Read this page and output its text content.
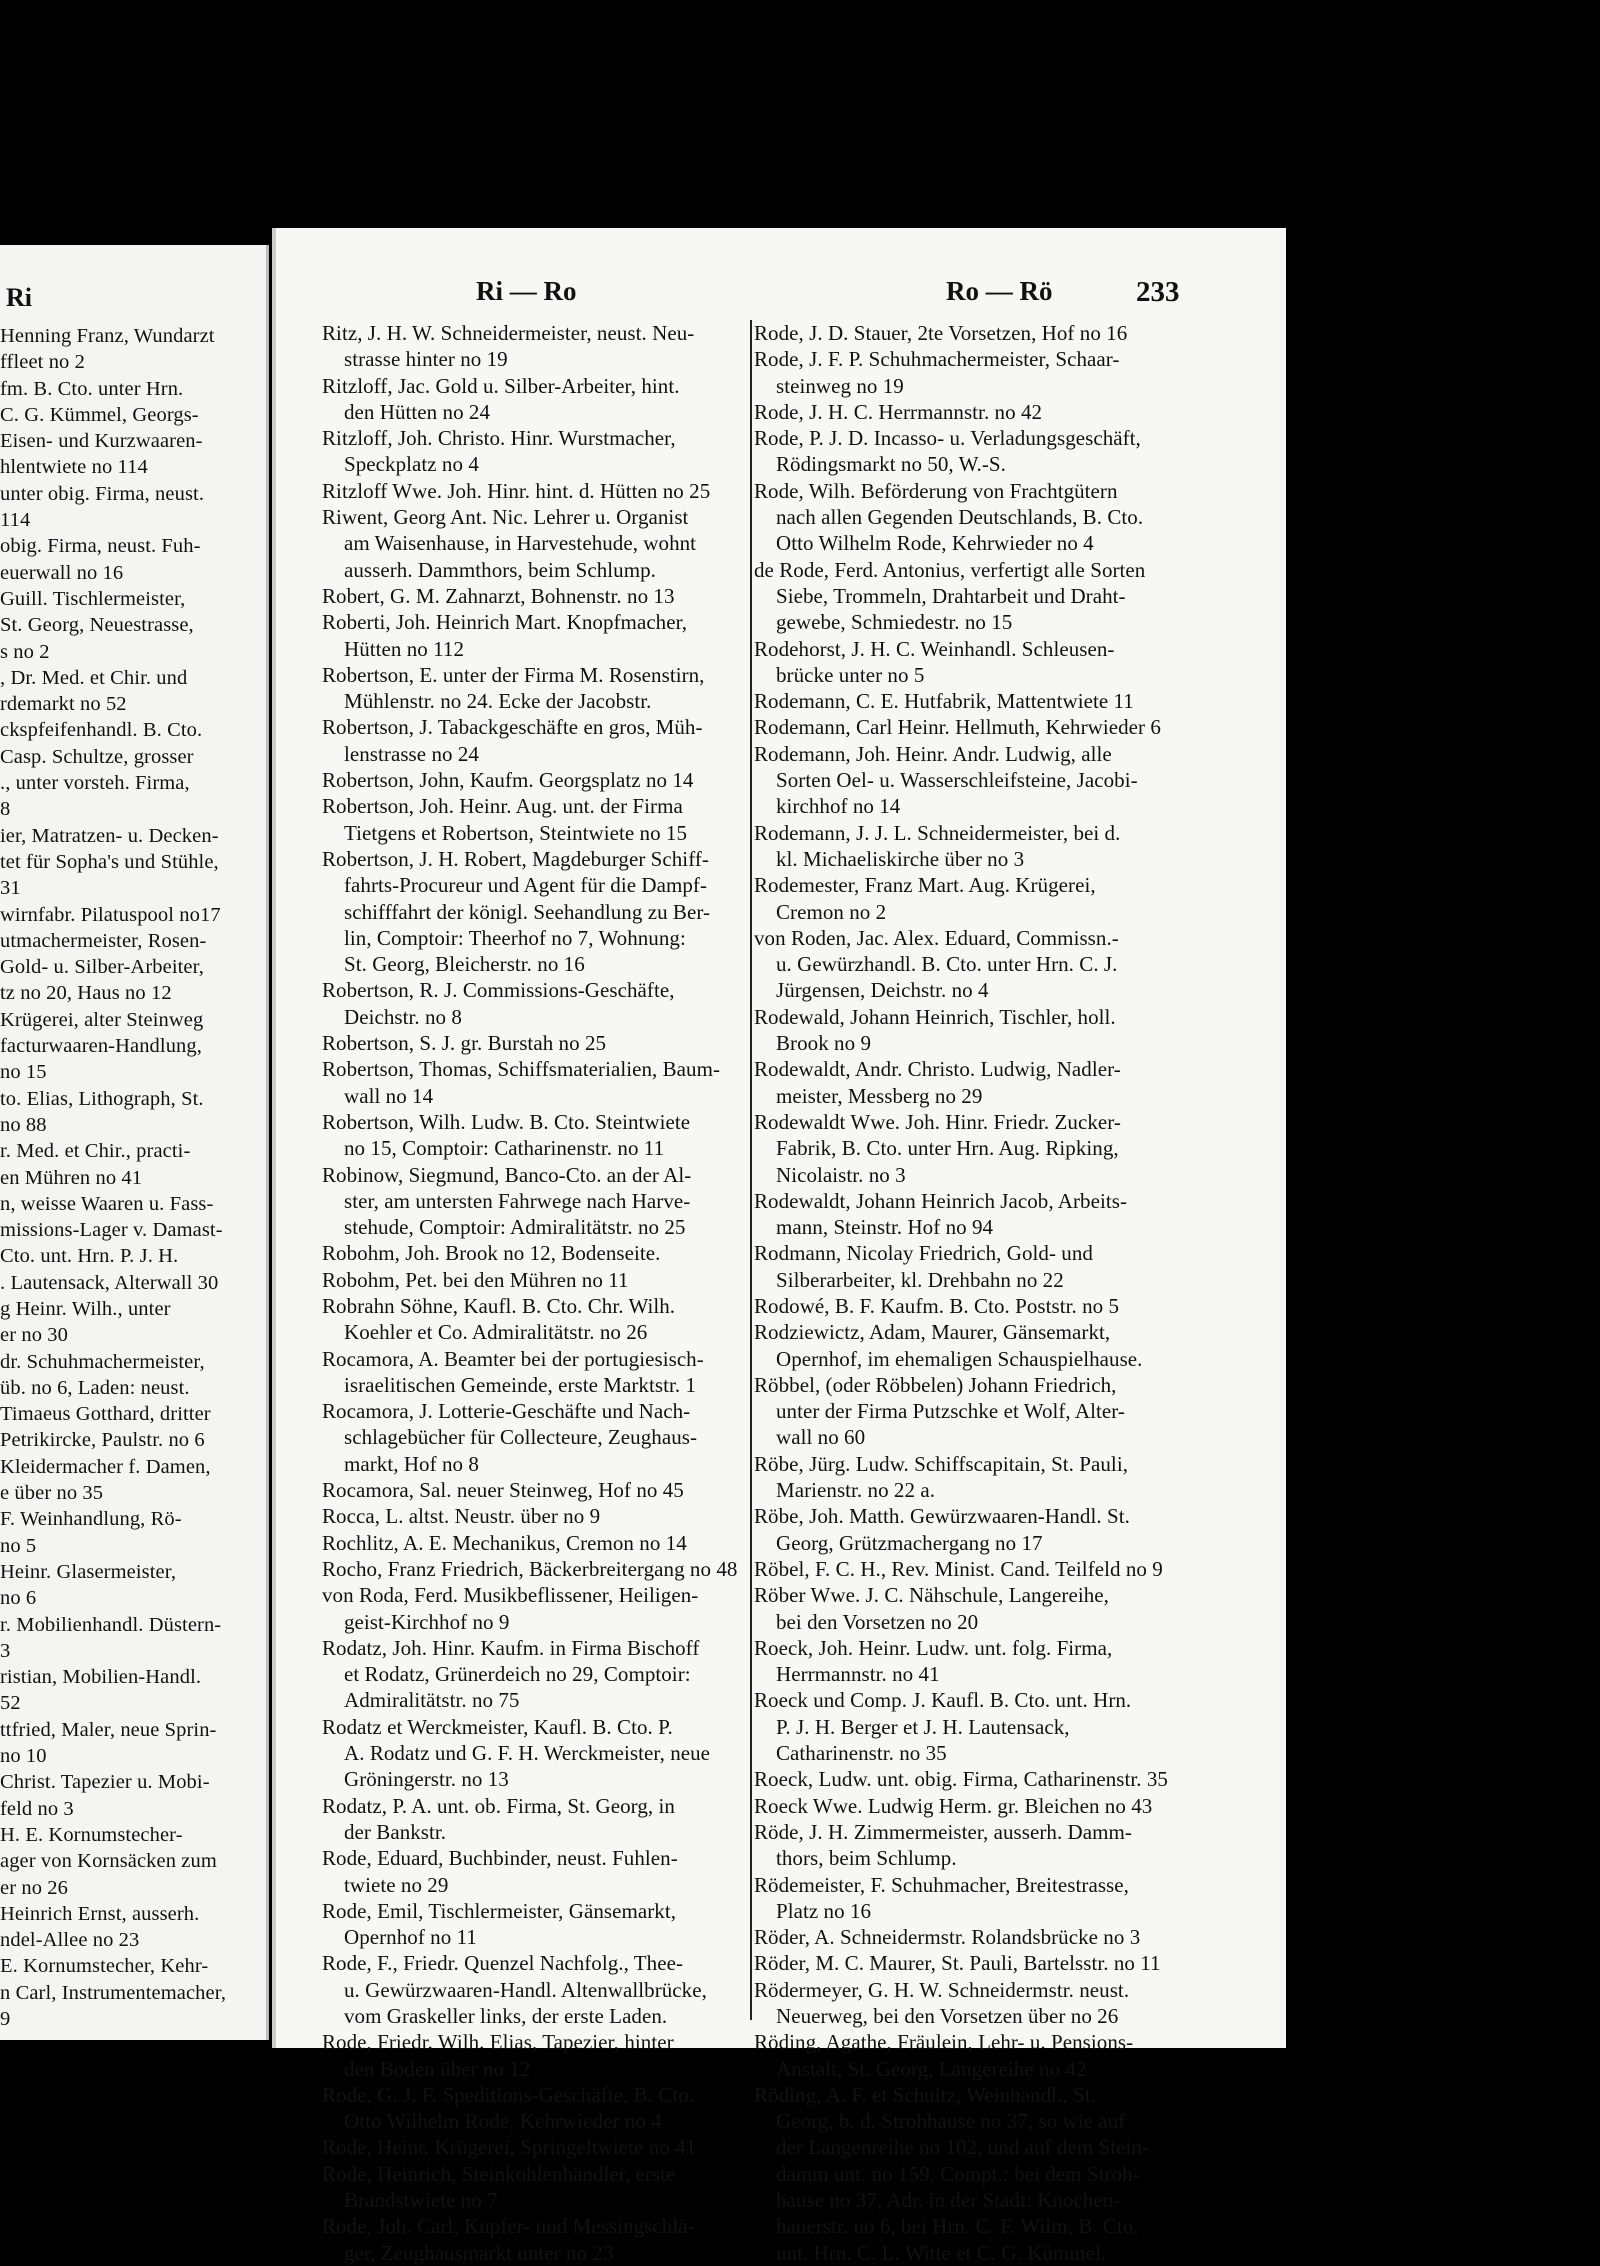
Ri
Henning Franz, Wundarzt
ffleet no 2
fm. B. Cto. unter Hrn.
C. G. Kümmel, Georgs-
Eisen- und Kurzwaaren-
hlentwiete no 114
unter obig. Firma, neust.
114
obig. Firma, neust. Fuh-
euerwall no 16
Guill. Tischlermeister,
St. Georg, Neuestrasse,
s no 2
, Dr. Med. et Chir. und
rdemarkt no 52
ckspfeifenhandl. B. Cto.
Casp. Schultze, grosser
., unter vorsteh. Firma,
8
ier, Matratzen- u. Decken-
tet für Sopha's und Stühle,
31
wirnfabr. Pilatuspool no17
utmachermeister, Rosen-
Gold- u. Silber-Arbeiter,
tz no 20, Haus no 12
Krügerei, alter Steinweg
facturwaaren-Handlung,
no 15
to. Elias, Lithograph, St.
no 88
r. Med. et Chir., practi-
en Mühren no 41
n, weisse Waaren u. Fass-
missions-Lager v. Damast-
Cto. unt. Hrn. P. J. H.
. Lautensack, Alterwall 30
g Heinr. Wilh., unter
er no 30
dr. Schuhmachermeister,
üb. no 6, Laden: neust.
Timaeus Gotthard, dritter
Petrikircke, Paulstr. no 6
Kleidermacher f. Damen,
e über no 35
F. Weinhandlung, Rö-
no 5
Heinr. Glasermeister,
no 6
r. Mobilienhandl. Düstern-
3
ristian, Mobilien-Handl.
52
ttfried, Maler, neue Sprin-
no 10
Christ. Tapezier u. Mobi-
feld no 3
H. E. Kornumstecher-
ager von Kornsäcken zum
er no 26
Heinrich Ernst, ausserh.
ndel-Allee no 23
E. Kornumstecher, Kehr-
n Carl, Instrumentemacher,
9
Ri — Ro	Ro — Rö	233
Ritz, J. H. W. Schneidermeister, neust. Neu-
strasse hinter no 19
Ritzloff, Jac. Gold u. Silber-Arbeiter, hint.
den Hütten no 24
Ritzloff, Joh. Christo. Hinr. Wurstmacher,
Speckplatz no 4
Ritzloff Wwe. Joh. Hinr. hint. d. Hütten no 25
Riwent, Georg Ant. Nic. Lehrer u. Organist
am Waisenhause, in Harvestehude, wohnt
ausserh. Dammthors, beim Schlump.
Robert, G. M. Zahnarzt, Bohnenstr. no 13
Roberti, Joh. Heinrich Mart. Knopfmacher,
Hütten no 112
Robertson, E. unter der Firma M. Rosenstirn,
Mühlenstr. no 24. Ecke der Jacobstr.
Robertson, J. Tabackgeschäfte en gros, Müh-
lenstrasse no 24
Robertson, John, Kaufm. Georgsplatz no 14
Robertson, Joh. Heinr. Aug. unt. der Firma
Tietgens et Robertson, Steintwiete no 15
Robertson, J. H. Robert, Magdeburger Schiff-
fahrts-Procureur und Agent für die Dampf-
schifffahrt der königl. Seehandlung zu Ber-
lin, Comptoir: Theerhof no 7, Wohnung:
St. Georg, Bleicherstr. no 16
Robertson, R. J. Commissions-Geschäfte,
Deichstr. no 8
Robertson, S. J. gr. Burstah no 25
Robertson, Thomas, Schiffsmaterialien, Baum-
wall no 14
Robertson, Wilh. Ludw. B. Cto. Steintwiete
no 15, Comptoir: Catharinenstr. no 11
Robinow, Siegmund, Banco-Cto. an der Al-
ster, am untersten Fahrwege nach Harve-
stehude, Comptoir: Admiralitätstr. no 25
Robohm, Joh. Brook no 12, Bodenseite.
Robohm, Pet. bei den Mühren no 11
Robrahn Söhne, Kaufl. B. Cto. Chr. Wilh.
Koehler et Co. Admiralitätstr. no 26
Rocamora, A. Beamter bei der portugiesisch-
israelitischen Gemeinde, erste Marktstr. 1
Rocamora, J. Lotterie-Geschäfte und Nach-
schlagebücher für Collecteure, Zeughaus-
markt, Hof no 8
Rocamora, Sal. neuer Steinweg, Hof no 45
Rocca, L. altst. Neustr. über no 9
Rochlitz, A. E. Mechanikus, Cremon no 14
Rocho, Franz Friedrich, Bäckerbreitergang no 48
von Roda, Ferd. Musikbeflissener, Heiligen-
geist-Kirchhof no 9
Rodatz, Joh. Hinr. Kaufm. in Firma Bischoff
et Rodatz, Grünerdeich no 29, Comptoir:
Admiralitätstr. no 75
Rodatz et Werckmeister, Kaufl. B. Cto. P.
A. Rodatz und G. F. H. Werckmeister, neue
Gröningerstr. no 13
Rodatz, P. A. unt. ob. Firma, St. Georg, in
der Bankstr.
Rode, Eduard, Buchbinder, neust. Fuhlen-
twiete no 29
Rode, Emil, Tischlermeister, Gänsemarkt,
Opernhof no 11
Rode, F., Friedr. Quenzel Nachfolg., Thee-
u. Gewürzwaaren-Handl. Altenwallbrücke,
vom Graskeller links, der erste Laden.
Rode, Friedr. Wilh. Elias, Tapezier, hinter
den Boden über no 12
Rode, G. J. F. Speditions-Geschäfte, B. Cto.
Otto Wilhelm Rode, Kehrwieder no 4
Rode, Heinr. Krügerei, Springeltwiete no 41
Rode, Heinrich, Steinkohlenhändler, erste
Brandstwiete no 7
Rode, Joh. Carl, Kupfer- und Messingschlä-
ger, Zeughausmarkt unter no 23
Rode, J. D. Stauer, 2te Vorsetzen, Hof no 16
Rode, J. F. P. Schuhmachermeister, Schaar-
steinweg no 19
Rode, J. H. C. Herrmannstr. no 42
Rode, P. J. D. Incasso- u. Verladungsgeschäft,
Rödingsmarkt no 50, W.-S.
Rode, Wilh. Beförderung von Frachtgütern
nach allen Gegenden Deutschlands, B. Cto.
Otto Wilhelm Rode, Kehrwieder no 4
de Rode, Ferd. Antonius, verfertigt alle Sorten
Siebe, Trommeln, Drahtarbeit und Draht-
gewebe, Schmiedestr. no 15
Rodehorst, J. H. C. Weinhandl. Schleusen-
brücke unter no 5
Rodemann, C. E. Hutfabrik, Mattentwiete 11
Rodemann, Carl Heinr. Hellmuth, Kehrwieder 6
Rodemann, Joh. Heinr. Andr. Ludwig, alle
Sorten Oel- u. Wasserschleifsteine, Jacobi-
kirchhof no 14
Rodemann, J. J. L. Schneidermeister, bei d.
kl. Michaeliskirche über no 3
Rodemester, Franz Mart. Aug. Krügerei,
Cremon no 2
von Roden, Jac. Alex. Eduard, Commissn.-
u. Gewürzhandl. B. Cto. unter Hrn. C. J.
Jürgensen, Deichstr. no 4
Rodewald, Johann Heinrich, Tischler, holl.
Brook no 9
Rodewaldt, Andr. Christo. Ludwig, Nadler-
meister, Messberg no 29
Rodewaldt Wwe. Joh. Hinr. Friedr. Zucker-
Fabrik, B. Cto. unter Hrn. Aug. Ripking,
Nicolaistr. no 3
Rodewaldt, Johann Heinrich Jacob, Arbeits-
mann, Steinstr. Hof no 94
Rodmann, Nicolay Friedrich, Gold- und
Silberarbeiter, kl. Drehbahn no 22
Rodowé, B. F. Kaufm. B. Cto. Poststr. no 5
Rodziewictz, Adam, Maurer, Gänsemarkt,
Opernhof, im ehemaligen Schauspielhause.
Röbbel, (oder Röbbelen) Johann Friedrich,
unter der Firma Putzschke et Wolf, Alter-
wall no 60
Röbe, Jürg. Ludw. Schiffscapitain, St. Pauli,
Marienstr. no 22 a.
Röbe, Joh. Matth. Gewürzwaaren-Handl. St.
Georg, Grützmachergang no 17
Röbel, F. C. H., Rev. Minist. Cand. Teilfeld no 9
Röber Wwe. J. C. Nähschule, Langereihe,
bei den Vorsetzen no 20
Roeck, Joh. Heinr. Ludw. unt. folg. Firma,
Herrmannstr. no 41
Roeck und Comp. J. Kaufl. B. Cto. unt. Hrn.
P. J. H. Berger et J. H. Lautensack,
Catharinenstr. no 35
Roeck, Ludw. unt. obig. Firma, Catharinenstr. 35
Roeck Wwe. Ludwig Herm. gr. Bleichen no 43
Röde, J. H. Zimmermeister, ausserh. Damm-
thors, beim Schlump.
Rödemeister, F. Schuhmacher, Breitestrasse,
Platz no 16
Röder, A. Schneidermstr. Rolandsbrücke no 3
Röder, M. C. Maurer, St. Pauli, Bartelsstr. no 11
Rödermeyer, G. H. W. Schneidermstr. neust.
Neuerweg, bei den Vorsetzen über no 26
Röding, Agathe, Fräulein, Lehr- u. Pensions-
Anstalt, St. Georg, Langereihe no 42
Röding, A. F. et Schultz, Weinhandl., St.
Georg, b. d. Strohhause no 37, so wie auf
der Langenreihe no 102, und auf dem Stein-
damm unt. no 159, Compt.: bei dem Stroh-
hause no 37, Adr. in der Stadt: Knochen-
hauerstr. no 6, bei Hrn. C. F. Wilm, B. Cto.
unt. Hrn. C. L. Witte et C. G. Kümmel.
